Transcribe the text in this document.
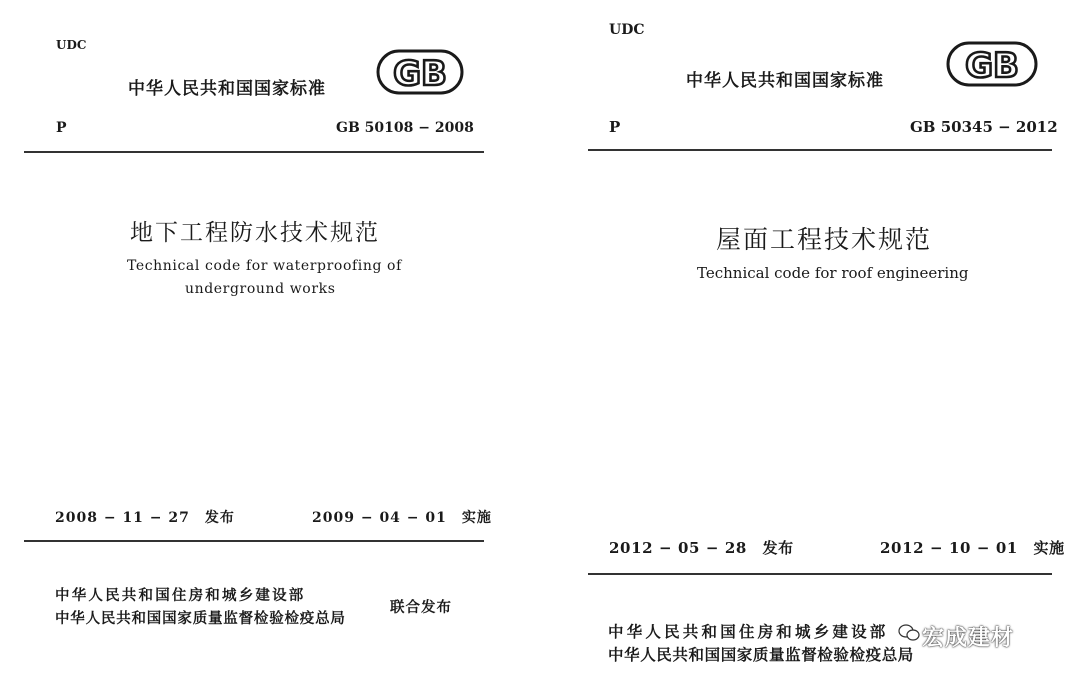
UDC
中华人民共和国国家标准 GB
P	GB 50108 − 2008
地下工程防水技术规范
Technical code for waterproofing of
underground works
2008 − 11 − 27　发布	2009 − 04 − 01　实施
中华人民共和国住房和城乡建设部
中华人民共和国国家质量监督检验检疫总局
联合发布
UDC
中华人民共和国国家标准 GB
P	GB 50345 − 2012
屋面工程技术规范
Technical code for roof engineering
2012 − 05 − 28　发布	2012 − 10 − 01　实施
中华人民共和国住房和城乡建设部
中华人民共和国国家质量监督检验检疫总局
宏成建材
